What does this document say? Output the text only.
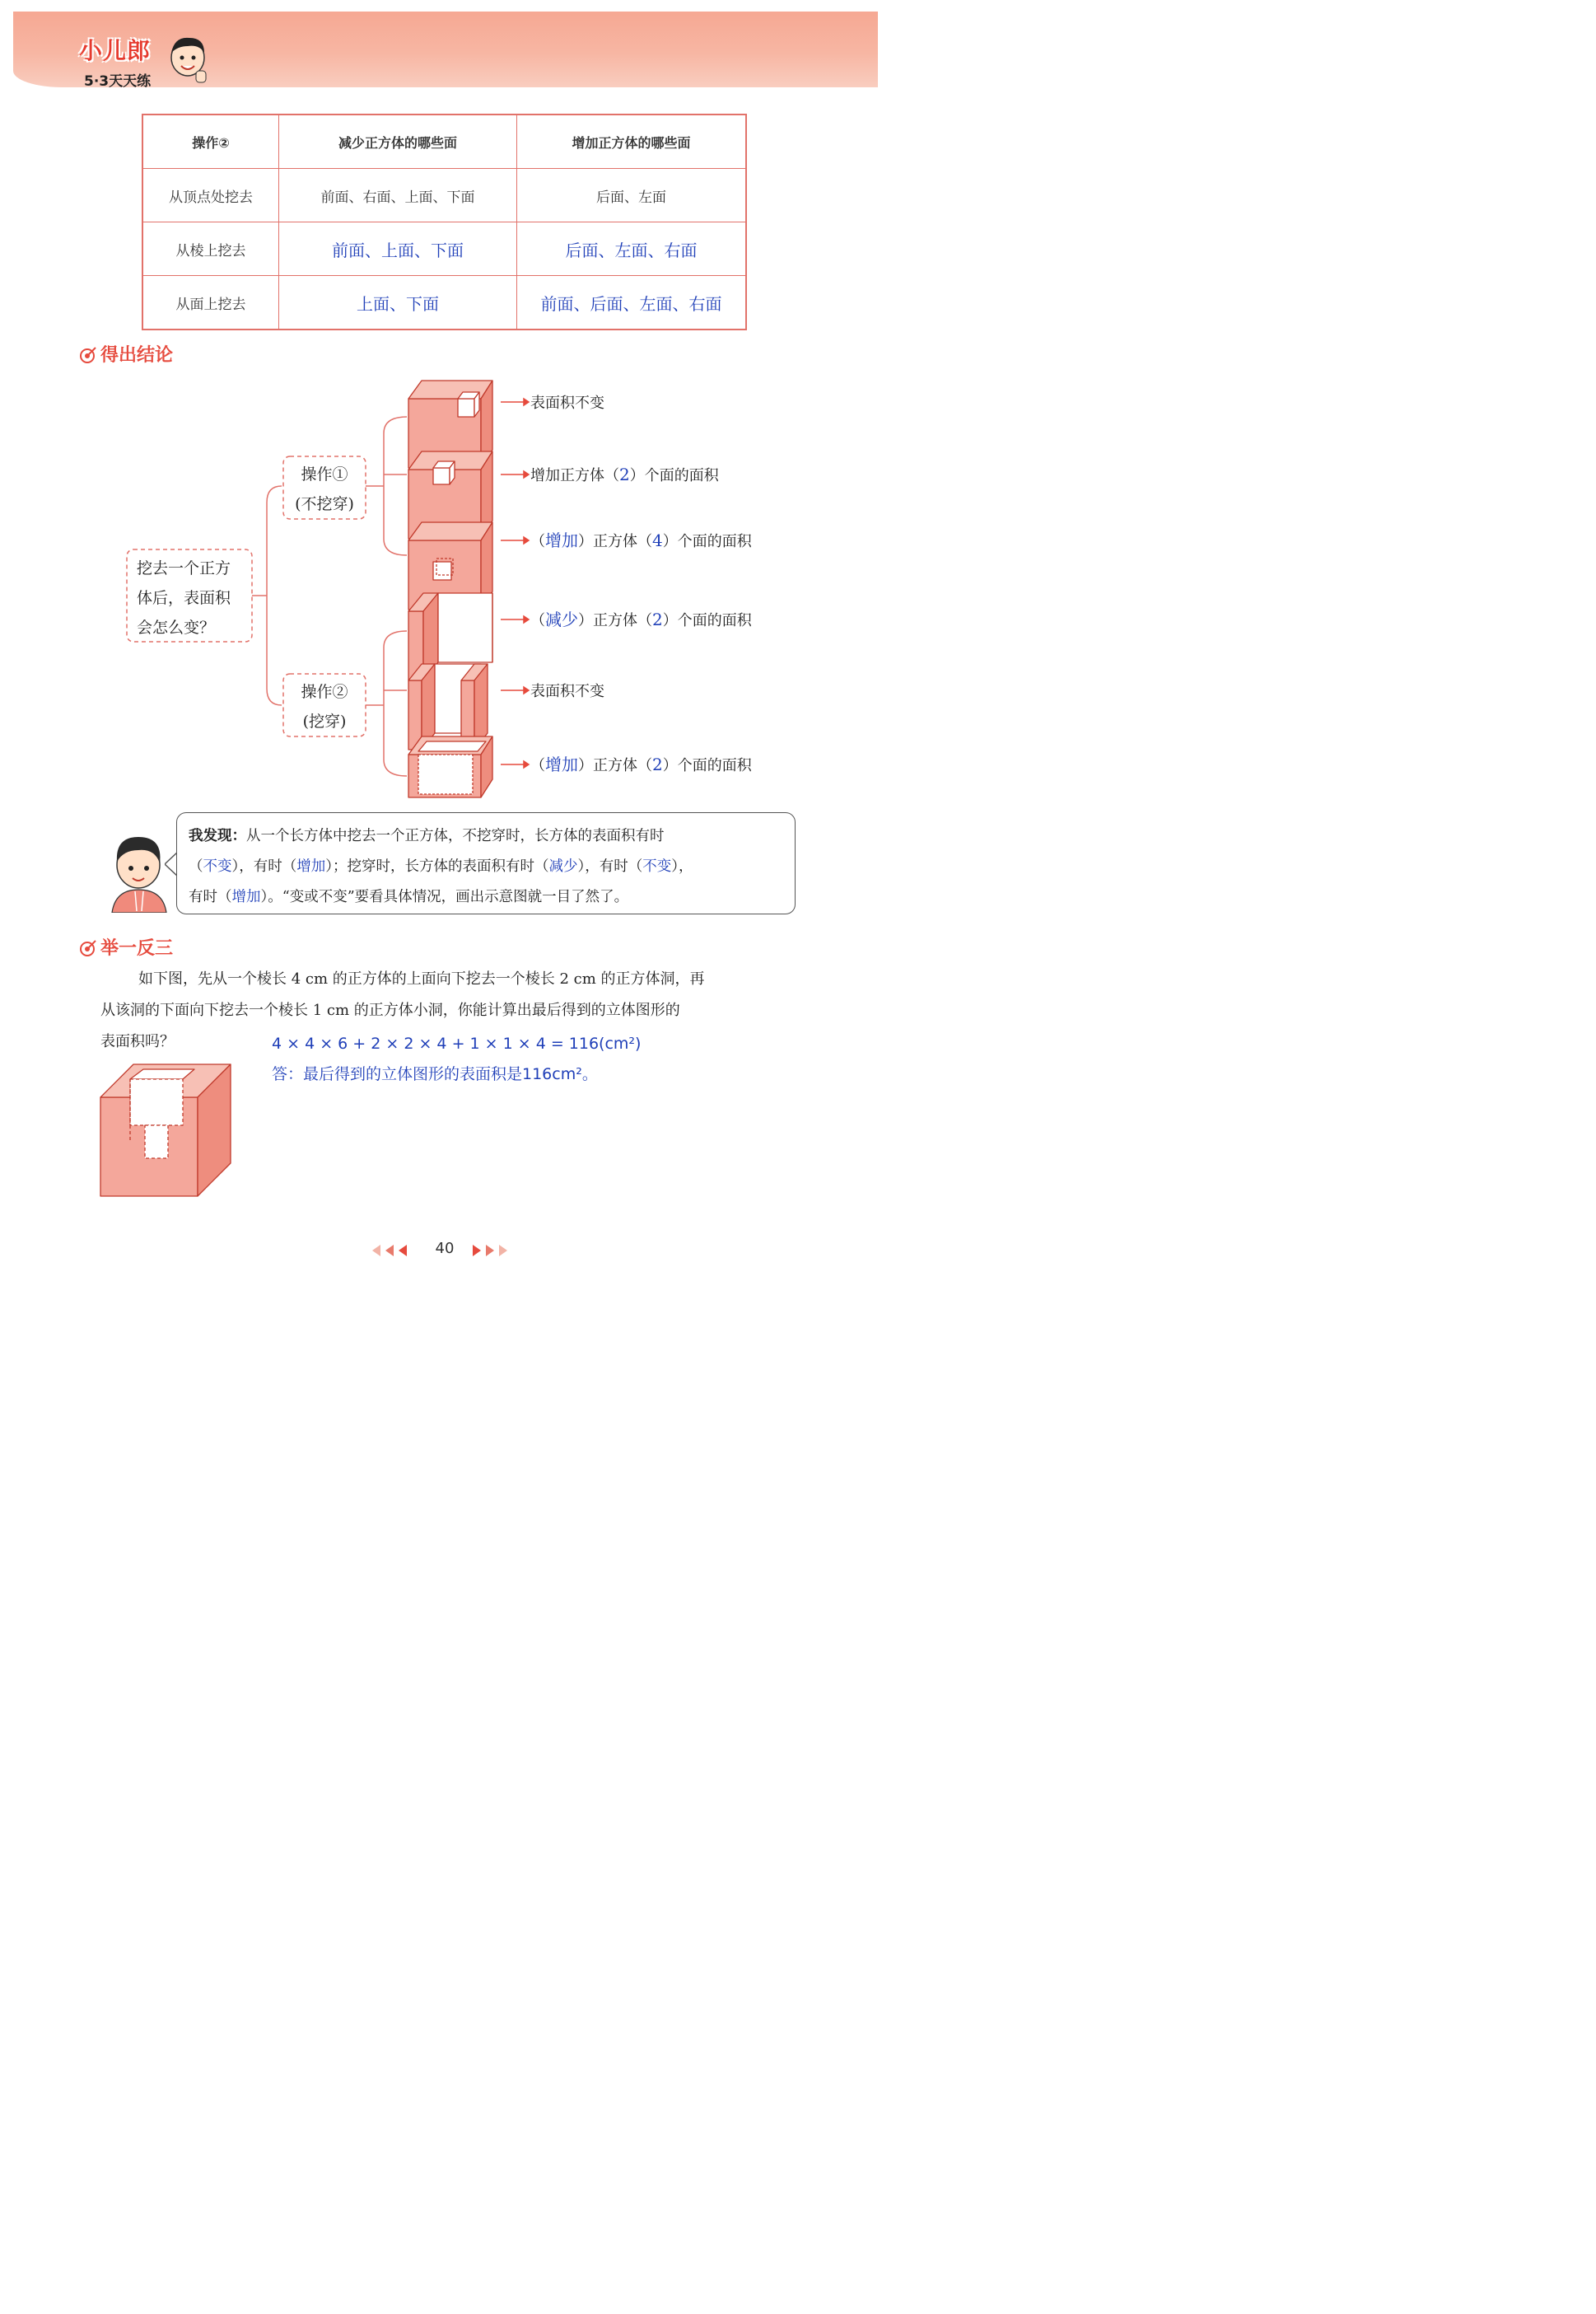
小儿郎
5·3天天练
操作②	减少正方体的哪些面	增加正方体的哪些面
从顶点处挖去	前面、右面、上面、下面	后面、左面
从棱上挖去	前面、上面、下面	后面、左面、右面
从面上挖去	上面、下面	前面、后面、左面、右面
得出结论
挖去一个正方
体后，表面积
会怎么变？
操作①
(不挖穿)
操作②
(挖穿)
表面积不变
增加正方体（2）个面的面积
（增加）正方体（4）个面的面积
（减少）正方体（2）个面的面积
表面积不变
（增加）正方体（2）个面的面积
我发现：从一个长方体中挖去一个正方体，不挖穿时，长方体的表面积有时
（不变），有时（增加）；挖穿时，长方体的表面积有时（减少），有时（不变），
有时（增加）。“变或不变”要看具体情况，画出示意图就一目了然了。
举一反三
如下图，先从一个棱长 4 cm 的正方体的上面向下挖去一个棱长 2 cm 的正方体洞，再
从该洞的下面向下挖去一个棱长 1 cm 的正方体小洞，你能计算出最后得到的立体图形的
表面积吗？	4 × 4 × 6 + 2 × 2 × 4 + 1 × 1 × 4 = 116(cm²)
答：最后得到的立体图形的表面积是116cm²。
40
